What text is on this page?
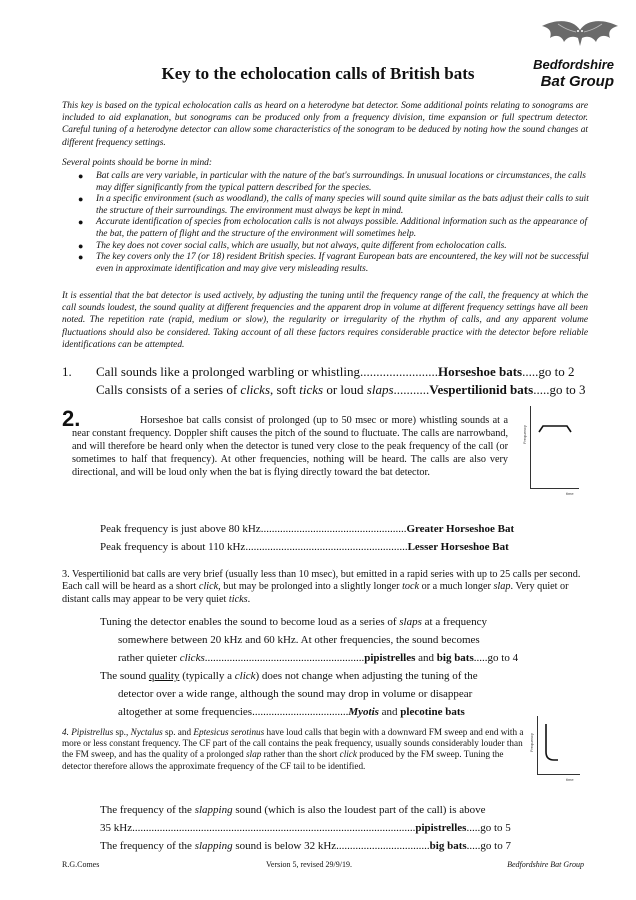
Bedfordshire
Bat Group
Key to the echolocation calls of British bats

This key is based on the typical echolocation calls as heard on a heterodyne bat detector. Some additional points relating to sonograms are included to aid explanation, but sonograms can be produced only from a frequency division, time expansion or full spectrum detector. Careful tuning of a heterodyne detector can allow some characteristics of the sonogram to be deduced by noting how the sound changes at different frequency settings.

Several points should be borne in mind:
● Bat calls are very variable, in particular with the nature of the bat's surroundings. In unusual locations or circumstances, the calls may differ significantly from the typical pattern described for the species.
● In a specific environment (such as woodland), the calls of many species will sound quite similar as the bats adjust their calls to suit the structure of their surroundings. The environment must always be kept in mind.
● Accurate identification of species from echolocation calls is not always possible. Additional information such as the appearance of the bat, the pattern of flight and the structure of the environment will sometimes help.
● The key does not cover social calls, which are usually, but not always, quite different from echolocation calls.
● The key covers only the 17 (or 18) resident British species. If vagrant European bats are encountered, the key will not be successful even in approximate identification and may give very misleading results.

It is essential that the bat detector is used actively, by adjusting the tuning until the frequency range of the call, the frequency at which the call sounds loudest, the sound quality at different frequencies and the apparent drop in volume at different frequency settings have all been noted. The repetition rate (rapid, medium or slow), the regularity or irregularity of the rhythm of calls, and any apparent volume fluctuations should also be considered. Taking account of all these factors requires considerable practice with the detector before reliable identifications can be attempted.

1. Call sounds like a prolonged warbling or whistling........................Horseshoe bats.....go to 2
Calls consists of a series of clicks, soft ticks or loud slaps...........Vespertilionid bats.....go to 3
2.	Horseshoe bat calls consist of prolonged (up to 50 msec or more) whistling sounds at a near constant frequency. Doppler shift causes the pitch of the sound to fluctuate. The calls are narrowband, and will therefore be heard only when the detector is tuned very close to the peak frequency of the call (or sometimes to half that frequency). At other frequencies, nothing will be heard. The calls are also very directional, and will be loud only when the bat is flying directly toward the bat detector.

Frequency
time
Peak frequency is just above 80 kHz.....................................................Greater Horseshoe Bat
Peak frequency is about 110 kHz...........................................................Lesser Horseshoe Bat

3. Vespertilionid bat calls are very brief (usually less than 10 msec), but emitted in a rapid series with up to 25 calls per second. Each call will be heard as a short click, but may be prolonged into a slightly longer tock or a much longer slap. Very quiet or distant calls may appear to be very quiet ticks.

Tuning the detector enables the sound to become loud as a series of slaps at a frequency
somewhere between 20 kHz and 60 kHz. At other frequencies, the sound becomes
rather quieter clicks..........................................................pipistrelles and big bats.....go to 4
The sound quality (typically a click) does not change when adjusting the tuning of the
detector over a wide range, although the sound may drop in volume or disappear
altogether at some frequencies...................................Myotis and plecotine bats

4. Pipistrellus sp., Nyctalus sp. and Eptesicus serotinus have loud calls that begin with a downward FM sweep and end with a more or less constant frequency. The CF part of the call contains the peak frequency, usually sounds considerably louder than the FM sweep, and has the quality of a prolonged slap rather than the short click produced by the FM sweep. Tuning the detector therefore allows the approximate frequency of the CF tail to be identified.

Frequency
time
The frequency of the slapping sound (which is also the loudest part of the call) is above
35 kHz.......................................................................................................pipistrelles.....go to 5
The frequency of the slapping sound is below 32 kHz..................................big bats.....go to 7
R.G.Comes	Version 5, revised 29/9/19.	Bedfordshire Bat Group
